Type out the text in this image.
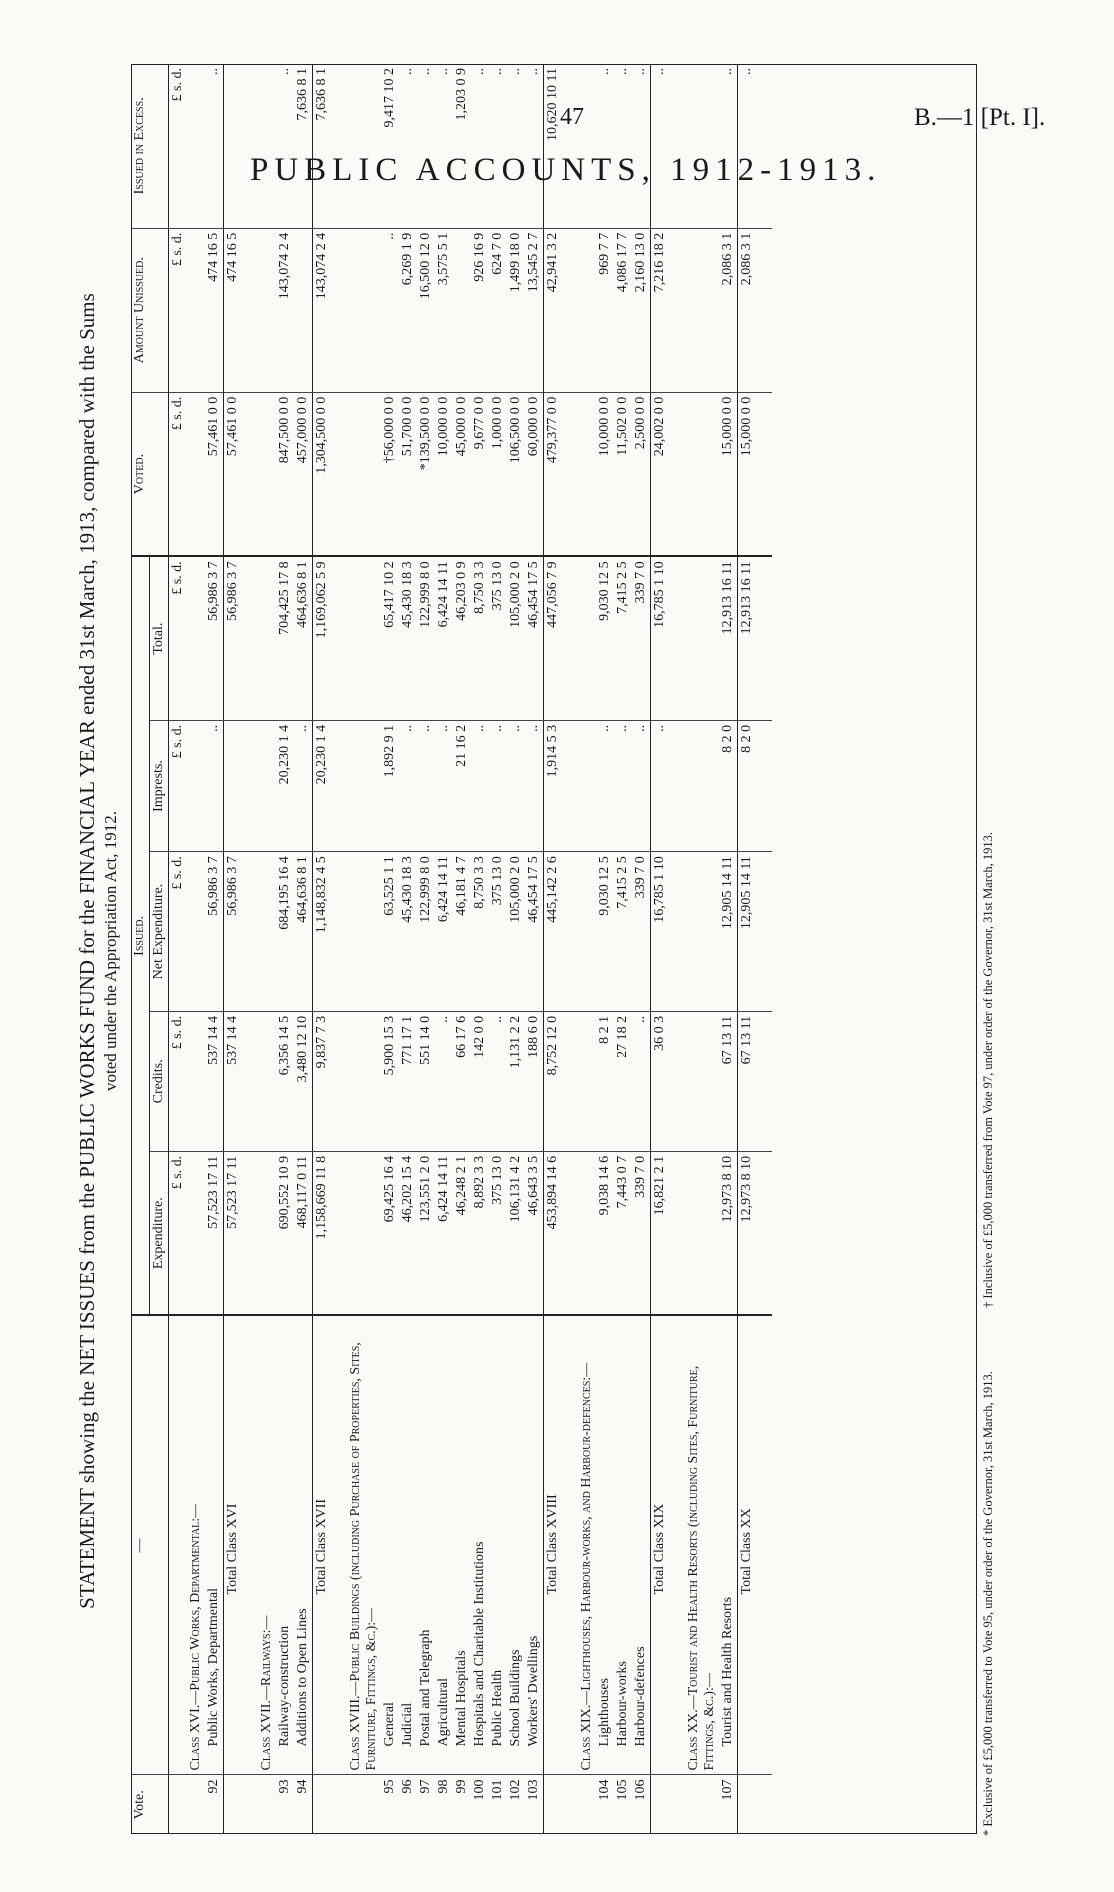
47	B.—1 [Pt. I].
PUBLIC ACCOUNTS, 1912-1913.
STATEMENT showing the NET ISSUES from the PUBLIC WORKS FUND for the FINANCIAL YEAR ended 31st March, 1913, compared with the Sums voted under the Appropriation Act, 1912.
Vote.	—	Issued.					Voted.	Amount Unissued.	Issued in Excess.
		Expenditure.	Credits.	Net Expenditure.	Imprests.	Total.			
		£ s. d.	£ s. d.	£ s. d.	£ s. d.	£ s. d.	£ s. d.	£ s. d.	£ s. d.
	Class XVI.—Public Works, Departmental:—								
92	Public Works, Departmental	57,523 17 11	537 14 4	56,986 3 7	..	56,986 3 7	57,461 0 0	474 16 5	..
	Total Class XVI	57,523 17 11	537 14 4	56,986 3 7		56,986 3 7	57,461 0 0	474 16 5	

	Class XVII.—Railways:—								
93	Railway-construction	690,552 10 9	6,356 14 5	684,195 16 4	20,230 1 4	704,425 17 8	847,500 0 0	143,074 2 4	..
94	Additions to Open Lines	468,117 0 11	3,480 12 10	464,636 8 1	..	464,636 8 1	457,000 0 0		7,636 8 1
	Total Class XVII	1,158,669 11 8	9,837 7 3	1,148,832 4 5	20,230 1 4	1,169,062 5 9	1,304,500 0 0	143,074 2 4	7,636 8 1

	Class XVIII.—Public Buildings (including Purchase of Properties, Sites, Furniture, Fittings, &c.):—								
95	General	69,425 16 4	5,900 15 3	63,525 1 1	1,892 9 1	65,417 10 2	†56,000 0 0	..	9,417 10 2
96	Judicial	46,202 15 4	771 17 1	45,430 18 3	..	45,430 18 3	51,700 0 0	6,269 1 9	..
97	Postal and Telegraph	123,551 2 0	551 14 0	122,999 8 0	..	122,999 8 0	*139,500 0 0	16,500 12 0	..
98	Agricultural	6,424 14 11	..	6,424 14 11	..	6,424 14 11	10,000 0 0	3,575 5 1	..
99	Mental Hospitals	46,248 2 1	66 17 6	46,181 4 7	21 16 2	46,203 0 9	45,000 0 0		1,203 0 9
100	Hospitals and Charitable Institutions	8,892 3 3	142 0 0	8,750 3 3	..	8,750 3 3	9,677 0 0	926 16 9	..
101	Public Health	375 13 0	..	375 13 0	..	375 13 0	1,000 0 0	624 7 0	..
102	School Buildings	106,131 4 2	1,131 2 2	105,000 2 0	..	105,000 2 0	106,500 0 0	1,499 18 0	..
103	Workers' Dwellings	46,643 3 5	188 6 0	46,454 17 5	..	46,454 17 5	60,000 0 0	13,545 2 7	..
	Total Class XVIII	453,894 14 6	8,752 12 0	445,142 2 6	1,914 5 3	447,056 7 9	479,377 0 0	42,941 3 2	10,620 10 11

	Class XIX.—Lighthouses, Harbour-works, and Harbour-defences:—								
104	Lighthouses	9,038 14 6	8 2 1	9,030 12 5	..	9,030 12 5	10,000 0 0	969 7 7	..
105	Harbour-works	7,443 0 7	27 18 2	7,415 2 5	..	7,415 2 5	11,502 0 0	4,086 17 7	..
106	Harbour-defences	339 7 0	..	339 7 0	..	339 7 0	2,500 0 0	2,160 13 0	..
	Total Class XIX	16,821 2 1	36 0 3	16,785 1 10	..	16,785 1 10	24,002 0 0	7,216 18 2	..

	Class XX.—Tourist and Health Resorts (including Sites, Furniture, Fittings, &c.):—								
107	Tourist and Health Resorts	12,973 8 10	67 13 11	12,905 14 11	8 2 0	12,913 16 11	15,000 0 0	2,086 3 1	..
	Total Class XX	12,973 8 10	67 13 11	12,905 14 11	8 2 0	12,913 16 11	15,000 0 0	2,086 3 1	..

* Exclusive of £5,000 transferred to Vote 95, under order of the Governor, 31st March, 1913. † Inclusive of £5,000 transferred from Vote 97, under order of the Governor, 31st March, 1913.
